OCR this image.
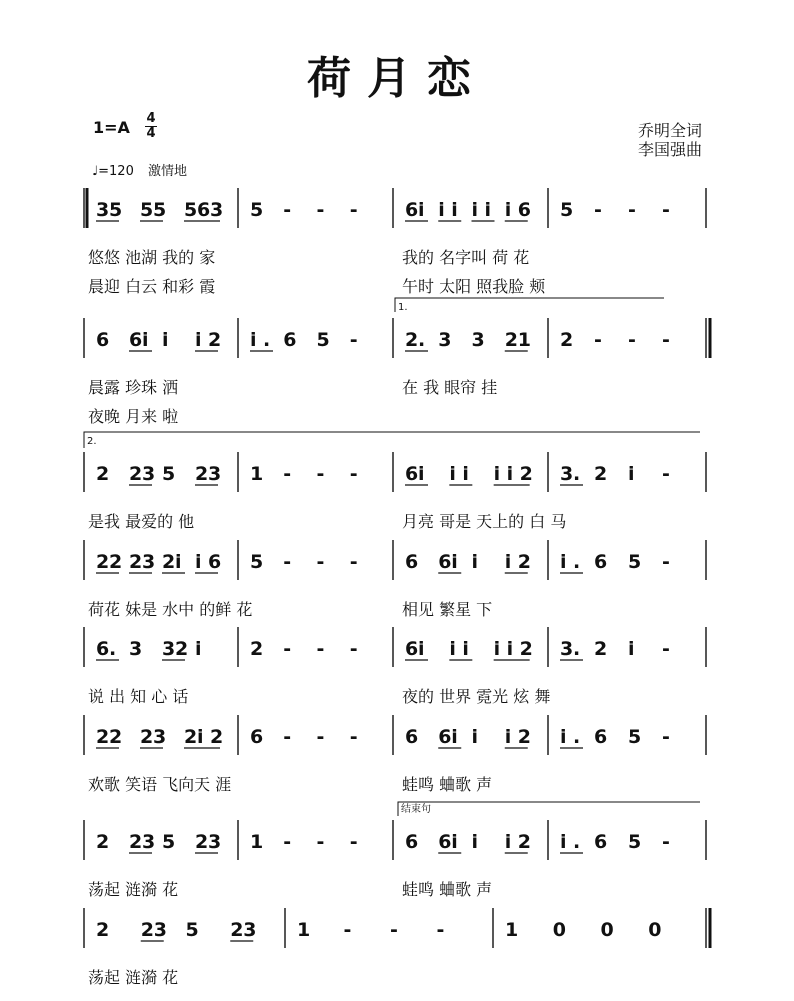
荷月恋
1=A 4
4	乔明全词
李国强曲
♩=120 激情地
3 5 5 5 5 6 3 5 - - - 6 i i i i i i 6 5 - - -
悠悠 池湖 我的 家	我的 名字叫 荷 花
晨迎 白云 和彩 霞	午时 太阳 照我脸 颊
6 6 i i i 2 i . 6 5 - 2 . 3 3 2 1 2 - - -
晨露 珍珠 洒	在 我 眼帘 挂
夜晚 月来 啦
2 2 3 5 2 3 1 - - - 6 i i i i i 2 3 . 2 i -
是我 最爱的 他	月亮 哥是 天上的 白 马
2 2 2 3 2 i i 6 5 - - - 6 6 i i i 2 i . 6 5 -
荷花 妹是 水中 的鲜 花	相见 繁星 下
6 . 3 3 2 i	2 - - - 6 i i i i i 2 3 . 2 i -
说 出 知 心 话	夜的 世界 霓光 炫 舞
2 2 2 3 2 i 2 6 - - - 6 6 i i i 2 i . 6 5 -
欢歌 笑语 飞向天 涯	蛙鸣 蛐歌 声
2 2 3 5 2 3 1 - - - 6 6 i i i 2 i . 6 5 -
荡起 涟漪 花	蛙鸣 蛐歌 声
2 2 3 5 2 3 1 - - -	1 0 0 0
荡起 涟漪 花
1.
2.
结束句
